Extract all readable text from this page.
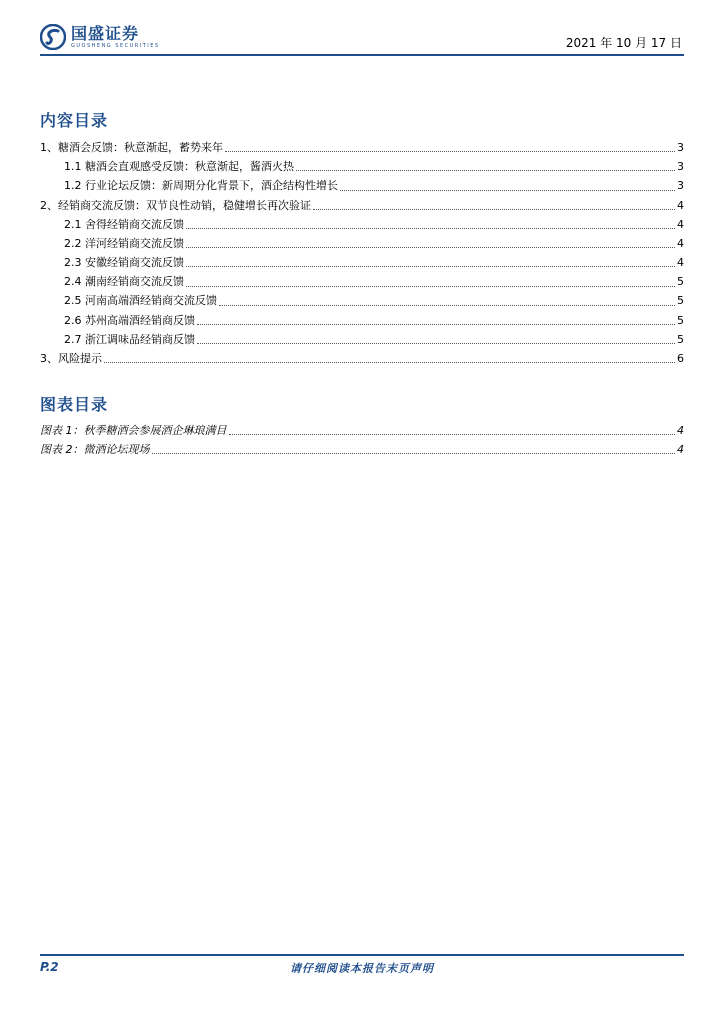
国盛证券
GUOSHENG SECURITIES	2021 年 10 月 17 日
内容目录
1、糖酒会反馈：秋意渐起，蓄势来年	3
1.1 糖酒会直观感受反馈：秋意渐起，酱酒火热	3
1.2 行业论坛反馈：新周期分化背景下，酒企结构性增长	3
2、经销商交流反馈：双节良性动销，稳健增长再次验证	4
2.1 舍得经销商交流反馈	4
2.2 洋河经销商交流反馈	4
2.3 安徽经销商交流反馈	4
2.4 潮南经销商交流反馈	5
2.5 河南高端酒经销商交流反馈	5
2.6 苏州高端酒经销商反馈	5
2.7 浙江调味品经销商反馈	5
3、风险提示	6
图表目录
图表 1：秋季糖酒会参展酒企琳琅满目	4
图表 2：微酒论坛现场	4
P.2	请仔细阅读本报告末页声明
